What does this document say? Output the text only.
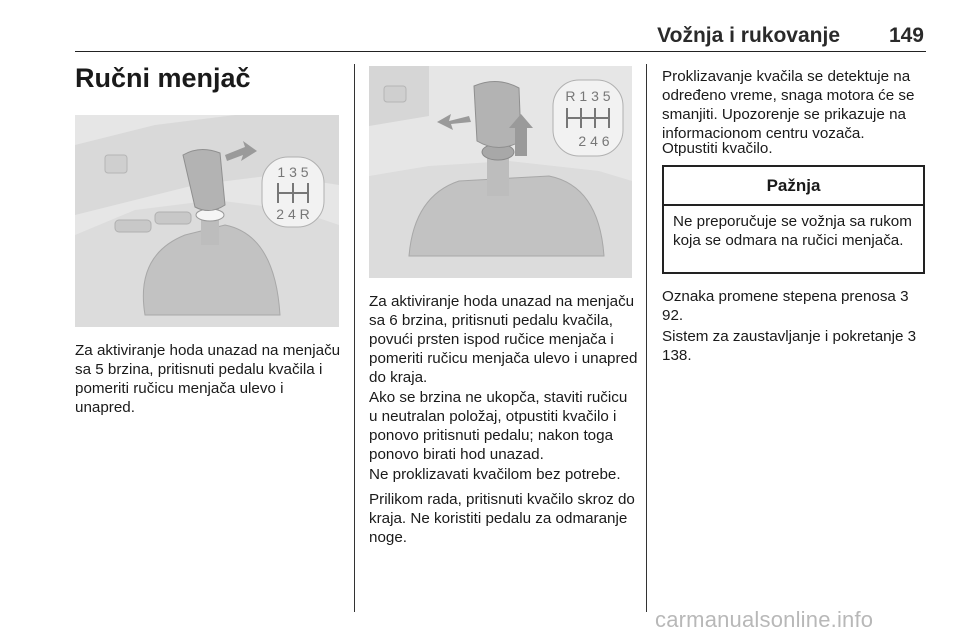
Vožnja i rukovanje	149
Ručni menjač
1 3 5
2 4 R
R 1 3 5
2 4 6
Za aktiviranje hoda unazad na menjaču sa 5 brzina, pritisnuti pedalu kvačila i pomeriti ručicu menjača ulevo i unapred.
Za aktiviranje hoda unazad na menjaču sa 6 brzina, pritisnuti pedalu kvačila, povući prsten ispod ručice menjača i pomeriti ručicu menjača ulevo i unapred do kraja.
Ako se brzina ne ukopča, staviti ručicu u neutralan položaj, otpustiti kvačilo i ponovo pritisnuti pedalu; nakon toga ponovo birati hod unazad.
Ne proklizavati kvačilom bez potrebe.
Prilikom rada, pritisnuti kvačilo skroz do kraja. Ne koristiti pedalu za odmaranje noge.
Proklizavanje kvačila se detektuje na određeno vreme, snaga motora će se smanjiti. Upozorenje se prikazuje na informacionom centru vozača.
Otpustiti kvačilo.
Pažnja
Ne preporučuje se vožnja sa rukom koja se odmara na ručici menjača.
Oznaka promene stepena prenosa 3 92.
Sistem za zaustavljanje i pokretanje 3 138.
carmanualsonline.info
